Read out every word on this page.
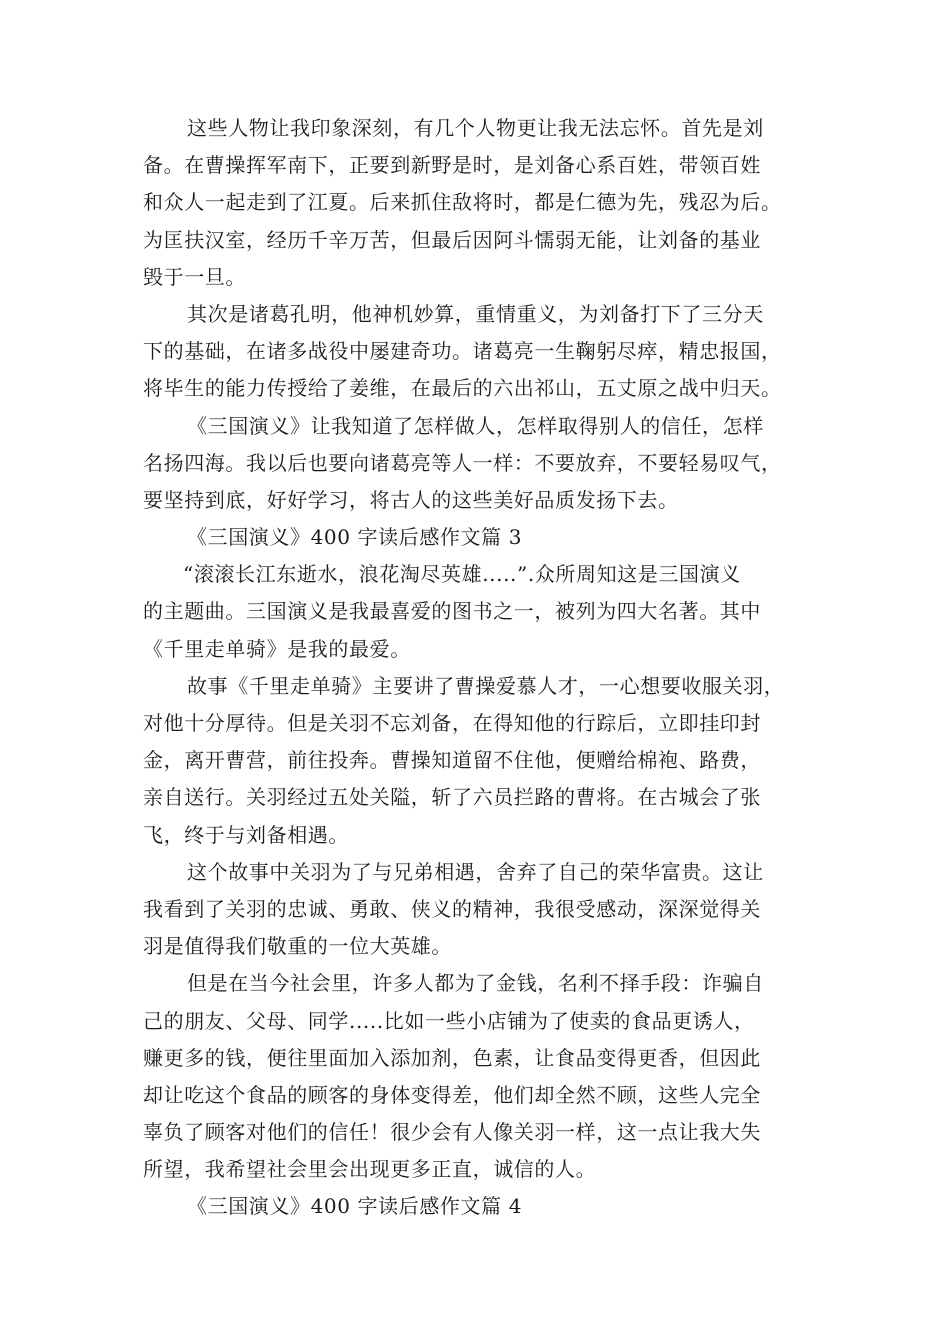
这些人物让我印象深刻，有几个人物更让我无法忘怀。首先是刘
备。在曹操挥军南下，正要到新野是时，是刘备心系百姓，带领百姓
和众人一起走到了江夏。后来抓住敌将时，都是仁德为先，残忍为后。
为匡扶汉室，经历千辛万苦，但最后因阿斗懦弱无能，让刘备的基业
毁于一旦。
其次是诸葛孔明，他神机妙算，重情重义，为刘备打下了三分天
下的基础，在诸多战役中屡建奇功。诸葛亮一生鞠躬尽瘁，精忠报国，
将毕生的能力传授给了姜维，在最后的六出祁山，五丈原之战中归天。
《三国演义》让我知道了怎样做人，怎样取得别人的信任，怎样
名扬四海。我以后也要向诸葛亮等人一样：不要放弃，不要轻易叹气，
要坚持到底，好好学习，将古人的这些美好品质发扬下去。
《三国演义》400 字读后感作文篇 3
“滚滚长江东逝水，浪花淘尽英雄.....”.众所周知这是三国演义
的主题曲。三国演义是我最喜爱的图书之一，被列为四大名著。其中
《千里走单骑》是我的最爱。
故事《千里走单骑》主要讲了曹操爱慕人才，一心想要收服关羽，
对他十分厚待。但是关羽不忘刘备，在得知他的行踪后，立即挂印封
金，离开曹营，前往投奔。曹操知道留不住他，便赠给棉袍、路费，
亲自送行。关羽经过五处关隘，斩了六员拦路的曹将。在古城会了张
飞，终于与刘备相遇。
这个故事中关羽为了与兄弟相遇，舍弃了自己的荣华富贵。这让
我看到了关羽的忠诚、勇敢、侠义的精神，我很受感动，深深觉得关
羽是值得我们敬重的一位大英雄。
但是在当今社会里，许多人都为了金钱，名利不择手段：诈骗自
己的朋友、父母、同学.....比如一些小店铺为了使卖的食品更诱人，
赚更多的钱，便往里面加入添加剂，色素，让食品变得更香，但因此
却让吃这个食品的顾客的身体变得差，他们却全然不顾，这些人完全
辜负了顾客对他们的信任！很少会有人像关羽一样，这一点让我大失
所望，我希望社会里会出现更多正直，诚信的人。
《三国演义》400 字读后感作文篇 4
